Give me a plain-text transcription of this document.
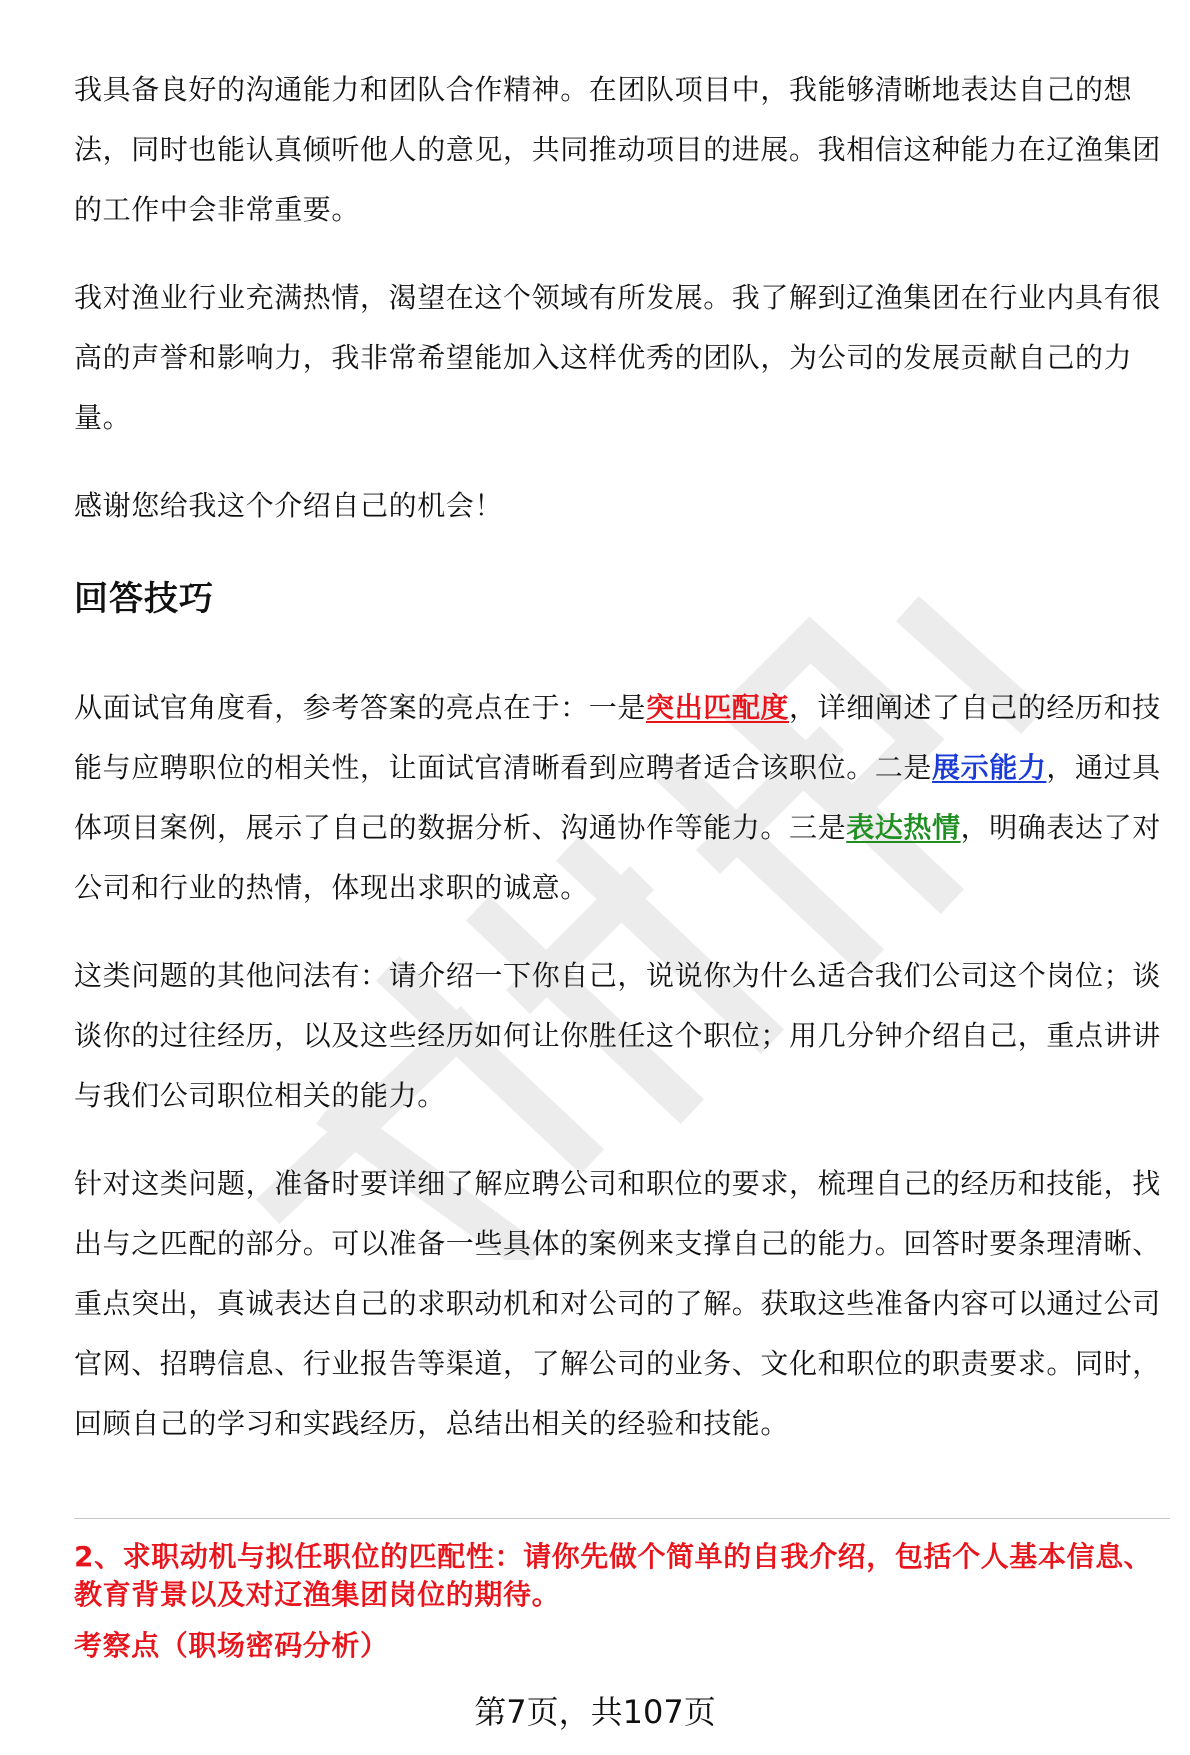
我具备良好的沟通能力和团队合作精神。在团队项目中，我能够清晰地表达自己的想法，同时也能认真倾听他人的意见，共同推动项目的进展。我相信这种能力在辽渔集团的工作中会非常重要。

我对渔业行业充满热情，渴望在这个领域有所发展。我了解到辽渔集团在行业内具有很高的声誉和影响力，我非常希望能加入这样优秀的团队，为公司的发展贡献自己的力量。

感谢您给我这个介绍自己的机会！

回答技巧

从面试官角度看，参考答案的亮点在于：一是突出匹配度，详细阐述了自己的经历和技能与应聘职位的相关性，让面试官清晰看到应聘者适合该职位。二是展示能力，通过具体项目案例，展示了自己的数据分析、沟通协作等能力。三是表达热情，明确表达了对公司和行业的热情，体现出求职的诚意。

这类问题的其他问法有：请介绍一下你自己，说说你为什么适合我们公司这个岗位；谈谈你的过往经历，以及这些经历如何让你胜任这个职位；用几分钟介绍自己，重点讲讲与我们公司职位相关的能力。

针对这类问题，准备时要详细了解应聘公司和职位的要求，梳理自己的经历和技能，找出与之匹配的部分。可以准备一些具体的案例来支撑自己的能力。回答时要条理清晰、重点突出，真诚表达自己的求职动机和对公司的了解。获取这些准备内容可以通过公司官网、招聘信息、行业报告等渠道，了解公司的业务、文化和职位的职责要求。同时，回顾自己的学习和实践经历，总结出相关的经验和技能。

2、求职动机与拟任职位的匹配性：请你先做个简单的自我介绍，包括个人基本信息、教育背景以及对辽渔集团岗位的期待。
考察点（职场密码分析）
第7页，共107页
